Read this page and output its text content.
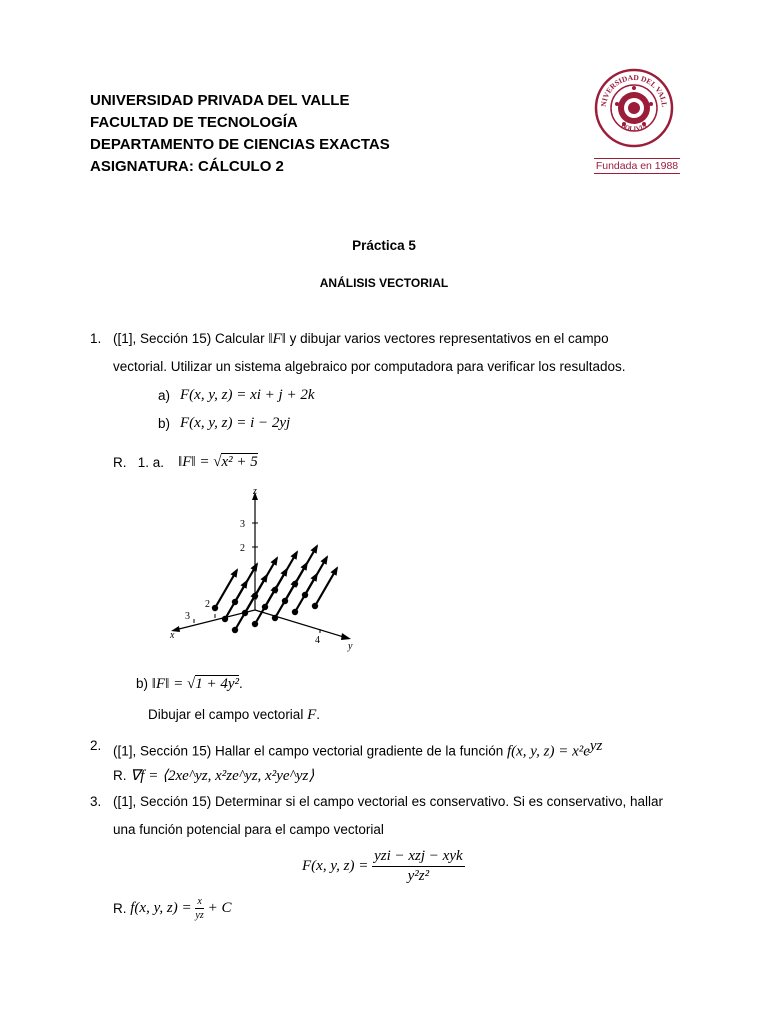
UNIVERSIDAD PRIVADA DEL VALLE
FACULTAD DE TECNOLOGÍA
DEPARTAMENTO DE CIENCIAS EXACTAS
ASIGNATURA: CÁLCULO 2
NIVERSIDAD DEL VALL
BOLIVIA
Fundada en 1988
Práctica 5
ANÁLISIS VECTORIAL
1. ([1], Sección 15) Calcular ‖F‖ y dibujar varios vectores representativos en el campo
vectorial. Utilizar un sistema algebraico por computadora para verificar los resultados.
a) F(x, y, z) = xi + j + 2k
b) F(x, y, z) = i − 2yj
R.   1. a. ‖F‖ = √x² + 5
z
x
y
3
2
3
2
4
b) ‖F‖ = √1 + 4y².
Dibujar el campo vectorial F.
2. ([1], Sección 15) Hallar el campo vectorial gradiente de la función f(x, y, $z) = x^2e^{yz}$
R. ∇f = ⟨2xe^yz, x²ze^yz, x²ye^yz⟩
3. ([1], Sección 15) Determinar si el campo vectorial es conservativo. Si es conservativo, hallar
una función potencial para el campo vectorial
F(x, y, $z) = \frac{\text{yzi − xzj − xyk}}{\text{y²z²}}$
R. f(x, y, $z) = \frac{x}{yz} + C$
